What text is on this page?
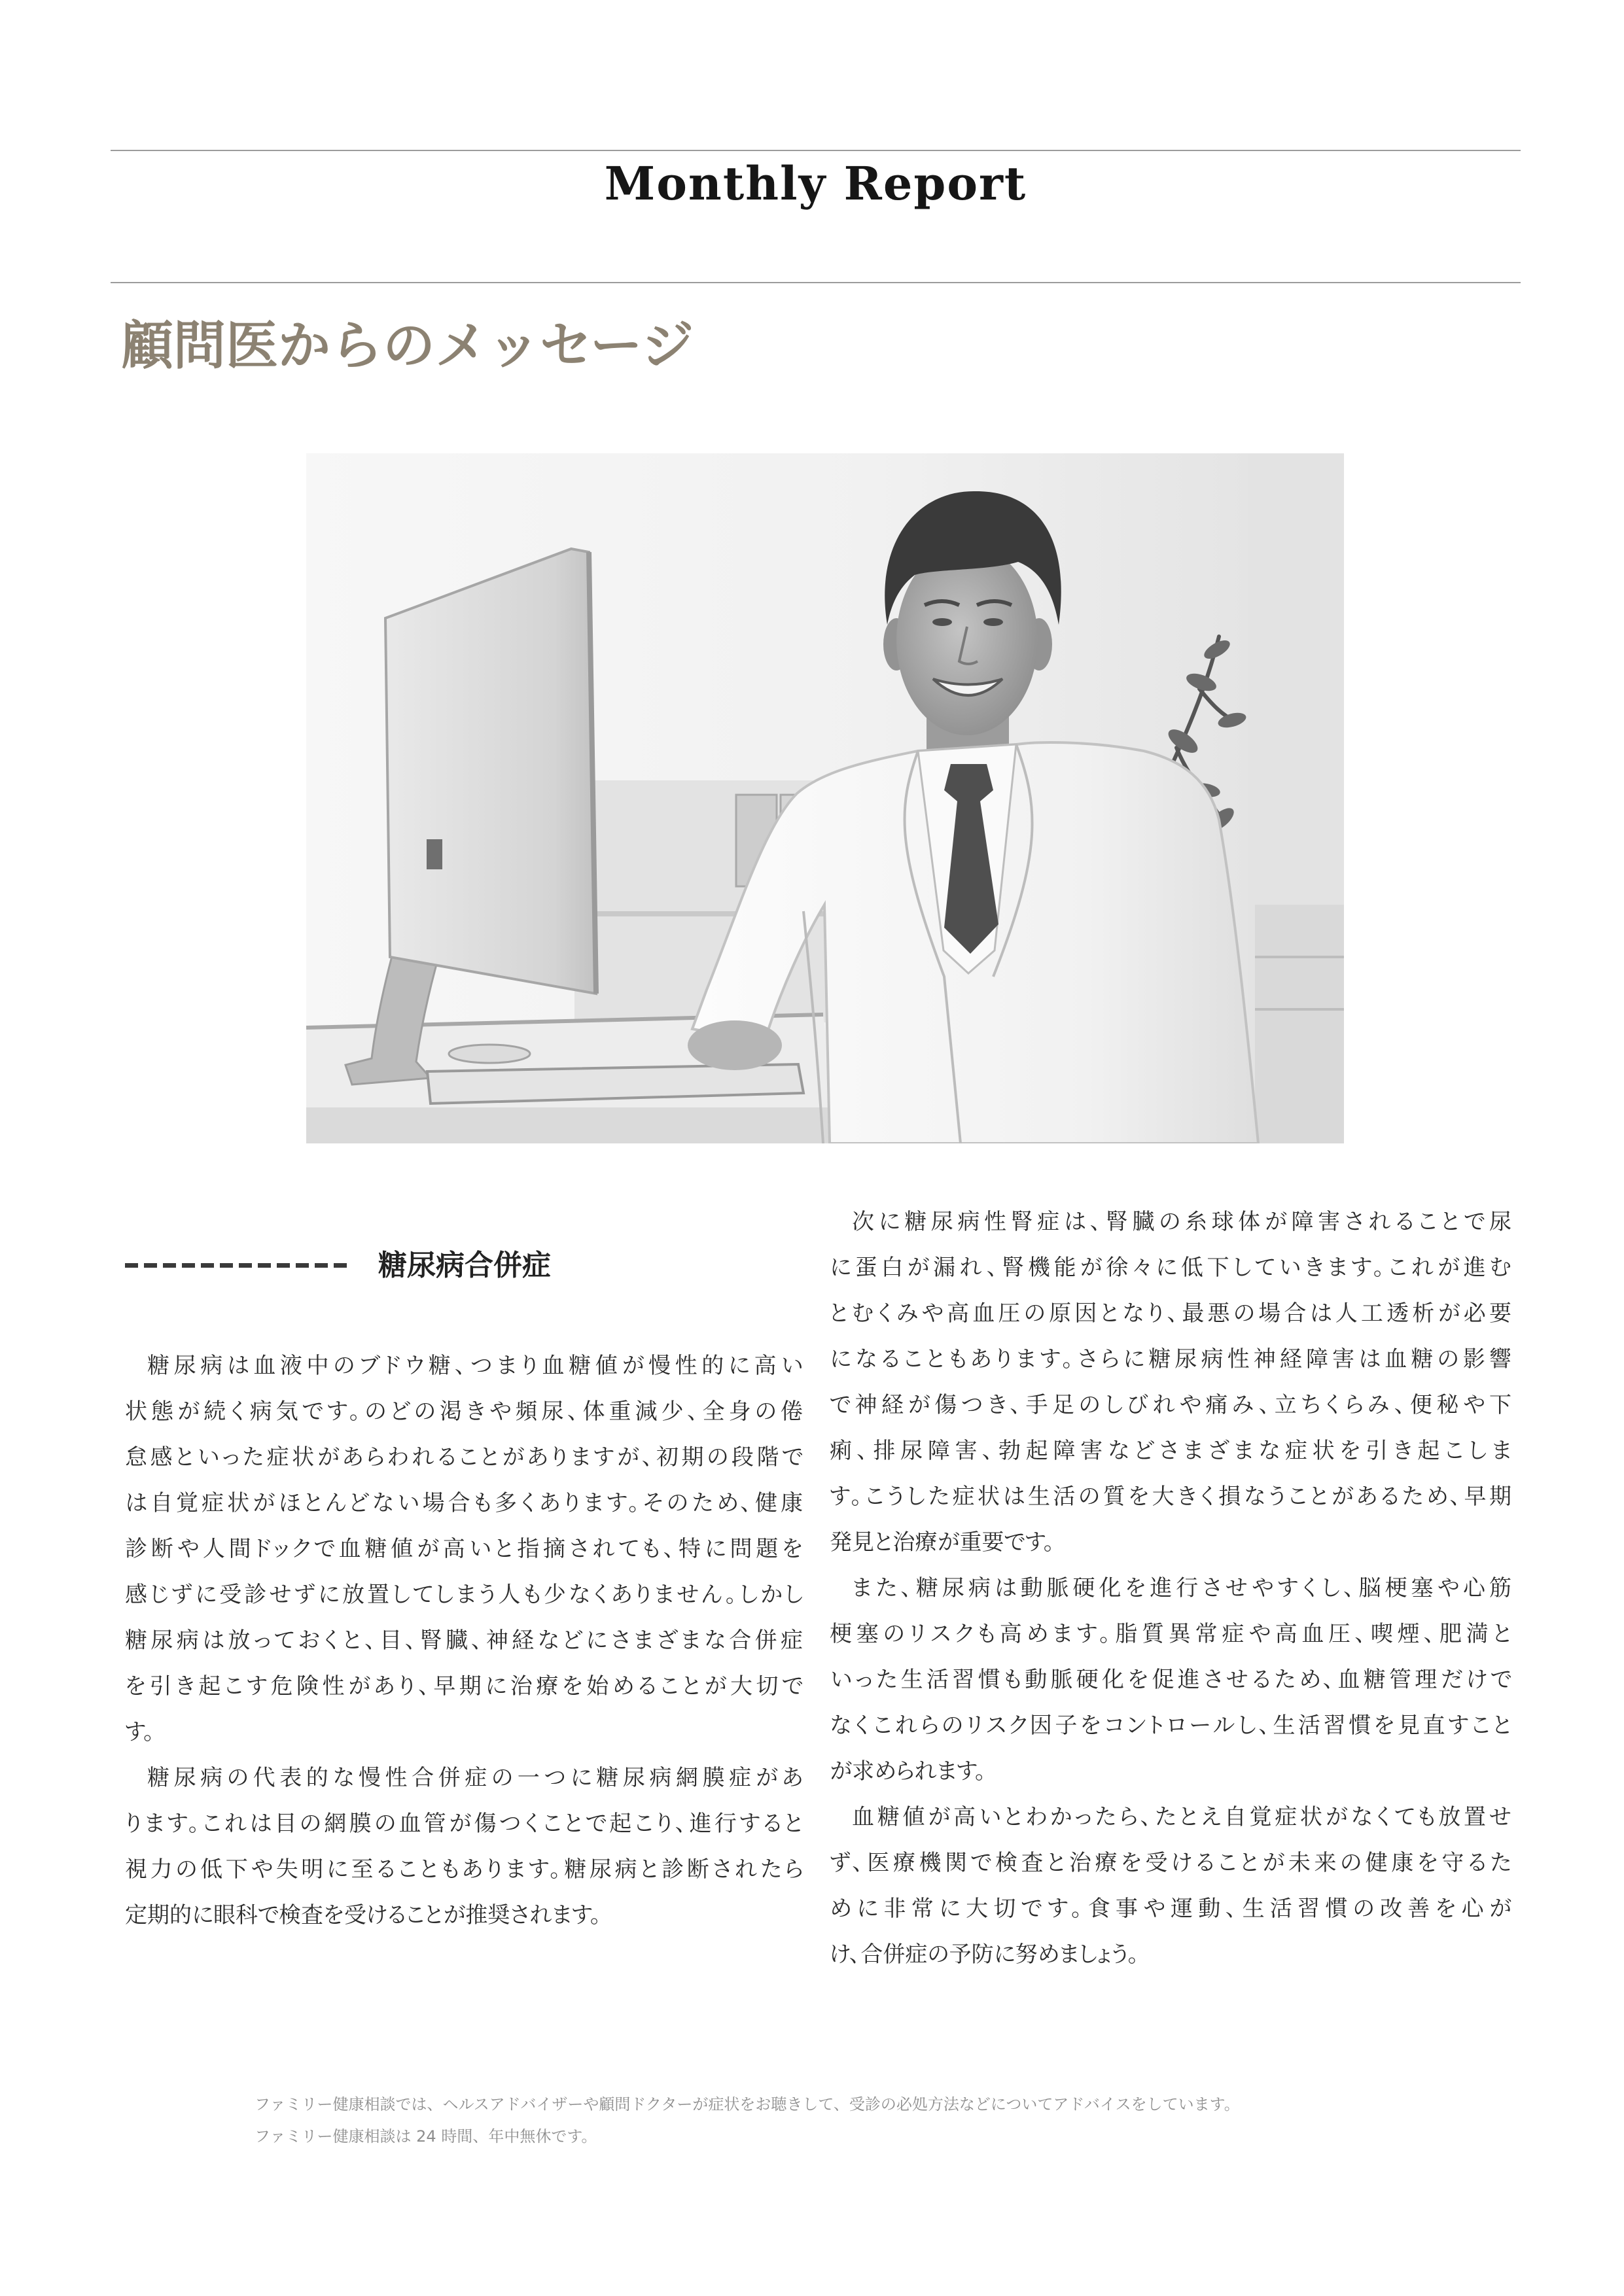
Monthly Report
顧問医からのメッセージ
糖尿病合併症
糖尿病は血液中のブドウ糖、つまり血糖値が慢性的に高い
状態が続く病気です。のどの渇きや頻尿、体重減少、全身の倦
怠感といった症状があらわれることがありますが、初期の段階で
は自覚症状がほとんどない場合も多くあります。そのため、健康
診断や人間ドックで血糖値が高いと指摘されても、特に問題を
感じずに受診せずに放置してしまう人も少なくありません。しかし
糖尿病は放っておくと、目、腎臓、神経などにさまざまな合併症
を引き起こす危険性があり、早期に治療を始めることが大切で
す。
糖尿病の代表的な慢性合併症の一つに糖尿病網膜症があ
ります。これは目の網膜の血管が傷つくことで起こり、進行すると
視力の低下や失明に至ることもあります。糖尿病と診断されたら
定期的に眼科で検査を受けることが推奨されます。
次に糖尿病性腎症は、腎臓の糸球体が障害されることで尿
に蛋白が漏れ、腎機能が徐々に低下していきます。これが進む
とむくみや高血圧の原因となり、最悪の場合は人工透析が必要
になることもあります。さらに糖尿病性神経障害は血糖の影響
で神経が傷つき、手足のしびれや痛み、立ちくらみ、便秘や下
痢、排尿障害、勃起障害などさまざまな症状を引き起こしま
す。こうした症状は生活の質を大きく損なうことがあるため、早期
発見と治療が重要です。
また、糖尿病は動脈硬化を進行させやすくし、脳梗塞や心筋
梗塞のリスクも高めます。脂質異常症や高血圧、喫煙、肥満と
いった生活習慣も動脈硬化を促進させるため、血糖管理だけで
なくこれらのリスク因子をコントロールし、生活習慣を見直すこと
が求められます。
血糖値が高いとわかったら、たとえ自覚症状がなくても放置せ
ず、医療機関で検査と治療を受けることが未来の健康を守るた
めに非常に大切です。食事や運動、生活習慣の改善を心が
け、合併症の予防に努めましょう。
ファミリー健康相談では、ヘルスアドバイザーや顧問ドクターが症状をお聴きして、受診の必処方法などについてアドバイスをしています。
ファミリー健康相談は 24 時間、年中無休です。
